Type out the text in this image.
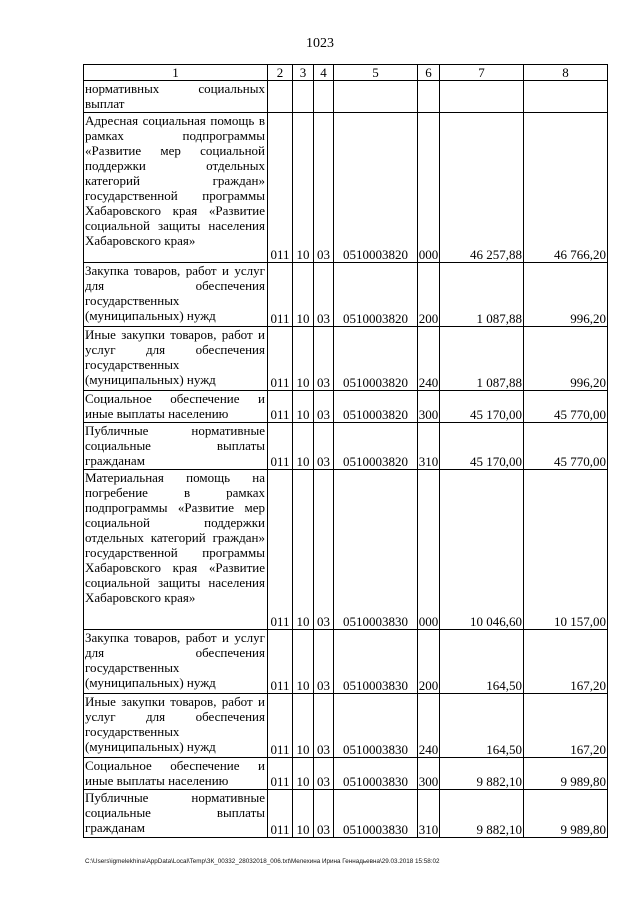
1023
1	2	3	4	5	6	7	8
нормативных социальных выплат							
Адресная социальная помощь в рамках подпрограммы «Развитие мер социальной поддержки отдельных категорий граждан» государственной программы Хабаровского края «Развитие социальной защиты населения Хабаровского края»	011	10	03	0510003820	000	46 257,88	46 766,20
Закупка товаров, работ и услуг для обеспечения государственных (муниципальных) нужд	011	10	03	0510003820	200	1 087,88	996,20
Иные закупки товаров, работ и услуг для обеспечения государственных (муниципальных) нужд	011	10	03	0510003820	240	1 087,88	996,20
Социальное обеспечение и иные выплаты населению	011	10	03	0510003820	300	45 170,00	45 770,00
Публичные нормативные социальные выплаты гражданам	011	10	03	0510003820	310	45 170,00	45 770,00
Материальная помощь на погребение в рамках подпрограммы «Развитие мер социальной поддержки отдельных категорий граждан» государственной программы Хабаровского края «Развитие социальной защиты населения Хабаровского края»	011	10	03	0510003830	000	10 046,60	10 157,00
Закупка товаров, работ и услуг для обеспечения государственных (муниципальных) нужд	011	10	03	0510003830	200	164,50	167,20
Иные закупки товаров, работ и услуг для обеспечения государственных (муниципальных) нужд	011	10	03	0510003830	240	164,50	167,20
Социальное обеспечение и иные выплаты населению	011	10	03	0510003830	300	9 882,10	9 989,80
Публичные нормативные социальные выплаты гражданам	011	10	03	0510003830	310	9 882,10	9 989,80
C:\Users\igmelekhina\AppData\Local\Temp\ЗК_00332_28032018_006.txt\Мелехина Ирина Геннадьевна\29.03.2018 15:58:02
